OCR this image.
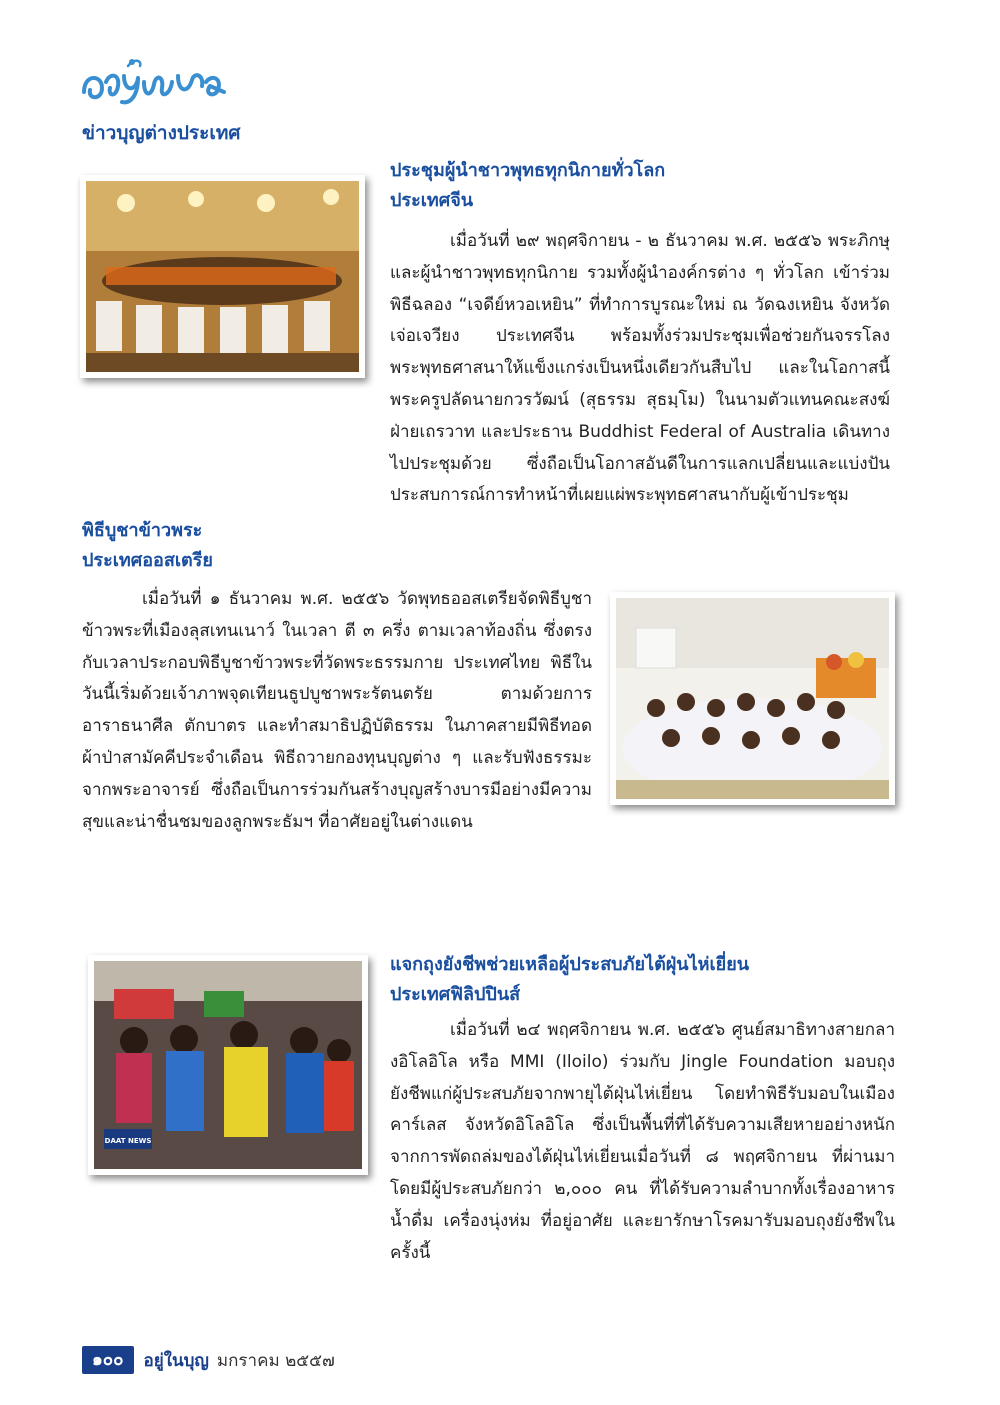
ข่าวบุญต่างประเทศ
ประชุมผู้นำชาวพุทธทุกนิกายทั่วโลก
ประเทศจีน

เมื่อวันที่ ๒๙ พฤศจิกายน - ๒ ธันวาคม พ.ศ. ๒๕๕๖ พระภิกษุและผู้นำชาวพุทธทุกนิกาย รวมทั้งผู้นำองค์กรต่าง ๆ ทั่วโลก เข้าร่วมพิธีฉลอง “เจดีย์หวอเหยิน” ที่ทำการบูรณะใหม่ ณ วัดฉงเหยิน จังหวัดเจ่อเจวียง ประเทศจีน พร้อมทั้งร่วมประชุมเพื่อช่วยกันจรรโลงพระพุทธศาสนาให้แข็งแกร่งเป็นหนึ่งเดียวกันสืบไป และในโอกาสนี้พระครูปลัดนายกวรวัฒน์ (สุธรรม สุธมฺโม) ในนามตัวแทนคณะสงฆ์ฝ่ายเถรวาท และประธาน Buddhist Federal of Australia เดินทางไปประชุมด้วย ซึ่งถือเป็นโอกาสอันดีในการแลกเปลี่ยนและแบ่งปันประสบการณ์การทำหน้าที่เผยแผ่พระพุทธศาสนากับผู้เข้าประชุม

พิธีบูชาข้าวพระ
ประเทศออสเตรีย

เมื่อวันที่ ๑ ธันวาคม พ.ศ. ๒๕๕๖ วัดพุทธออสเตรียจัดพิธีบูชาข้าวพระที่เมืองลุสเทนเนาว์ ในเวลา ตี ๓ ครึ่ง ตามเวลาท้องถิ่น ซึ่งตรงกับเวลาประกอบพิธีบูชาข้าวพระที่วัดพระธรรมกาย ประเทศไทย พิธีในวันนี้เริ่มด้วยเจ้าภาพจุดเทียนธูปบูชาพระรัตนตรัย ตามด้วยการอาราธนาศีล ตักบาตร และทำสมาธิปฏิบัติธรรม ในภาคสายมีพิธีทอดผ้าป่าสามัคคีประจำเดือน พิธีถวายกองทุนบุญต่าง ๆ และรับฟังธรรมะจากพระอาจารย์ ซึ่งถือเป็นการร่วมกันสร้างบุญสร้างบารมีอย่างมีความสุขและน่าชื่นชมของลูกพระธัมฯ ที่อาศัยอยู่ในต่างแดน

DAAT NEWS
แจกถุงยังชีพช่วยเหลือผู้ประสบภัยไต้ฝุ่นไห่เยี่ยน
ประเทศฟิลิปปินส์

เมื่อวันที่ ๒๔ พฤศจิกายน พ.ศ. ๒๕๕๖ ศูนย์สมาธิทางสายกลางอิโลอิโล หรือ MMI (Iloilo) ร่วมกับ Jingle Foundation มอบถุงยังชีพแก่ผู้ประสบภัยจากพายุไต้ฝุ่นไห่เยี่ยน โดยทำพิธีรับมอบในเมืองคาร์เลส จังหวัดอิโลอิโล ซึ่งเป็นพื้นที่ที่ได้รับความเสียหายอย่างหนักจากการพัดถล่มของไต้ฝุ่นไห่เยี่ยนเมื่อวันที่ ๘ พฤศจิกายน ที่ผ่านมา โดยมีผู้ประสบภัยกว่า ๒,๐๐๐ คน ที่ได้รับความลำบากทั้งเรื่องอาหาร น้ำดื่ม เครื่องนุ่งห่ม ที่อยู่อาศัย และยารักษาโรคมารับมอบถุงยังชีพในครั้งนี้

๑๐๐	อยู่ในบุญ มกราคม ๒๕๕๗
